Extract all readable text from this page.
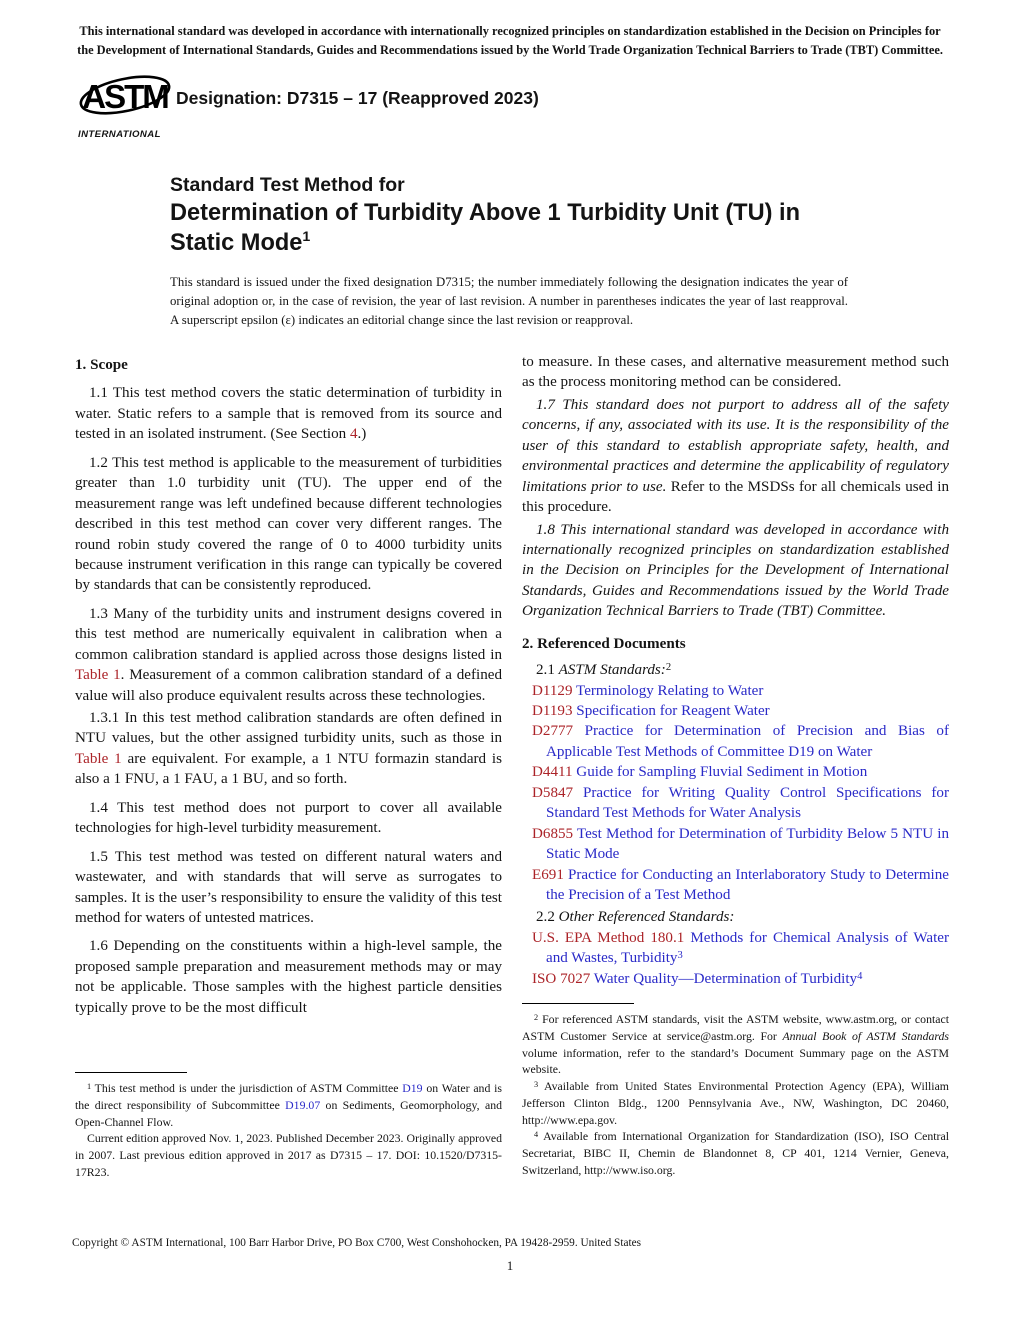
This international standard was developed in accordance with internationally recognized principles on standardization established in the Decision on Principles for the Development of International Standards, Guides and Recommendations issued by the World Trade Organization Technical Barriers to Trade (TBT) Committee.
ASTM
INTERNATIONAL
Designation: D7315 – 17 (Reapproved 2023)
Standard Test Method for
Determination of Turbidity Above 1 Turbidity Unit (TU) in Static Mode$^1$
This standard is issued under the fixed designation D7315; the number immediately following the designation indicates the year of original adoption or, in the case of revision, the year of last revision. A number in parentheses indicates the year of last reapproval. A superscript epsilon (ε) indicates an editorial change since the last revision or reapproval.
1. Scope

1.1 This test method covers the static determination of turbidity in water. Static refers to a sample that is removed from its source and tested in an isolated instrument. (See Section 4.)

1.2 This test method is applicable to the measurement of turbidities greater than 1.0 turbidity unit (TU). The upper end of the measurement range was left undefined because different technologies described in this test method can cover very different ranges. The round robin study covered the range of 0 to 4000 turbidity units because instrument verification in this range can typically be covered by standards that can be consistently reproduced.

1.3 Many of the turbidity units and instrument designs covered in this test method are numerically equivalent in calibration when a common calibration standard is applied across those designs listed in Table 1. Measurement of a common calibration standard of a defined value will also produce equivalent results across these technologies.

1.3.1 In this test method calibration standards are often defined in NTU values, but the other assigned turbidity units, such as those in Table 1 are equivalent. For example, a 1 NTU formazin standard is also a 1 FNU, a 1 FAU, a 1 BU, and so forth.

1.4 This test method does not purport to cover all available technologies for high-level turbidity measurement.

1.5 This test method was tested on different natural waters and wastewater, and with standards that will serve as surrogates to samples. It is the user’s responsibility to ensure the validity of this test method for waters of untested matrices.

1.6 Depending on the constituents within a high-level sample, the proposed sample preparation and measurement methods may or may not be applicable. Those samples with the highest particle densities typically prove to be the most difficult

to measure. In these cases, and alternative measurement method such as the process monitoring method can be considered.

1.7 This standard does not purport to address all of the safety concerns, if any, associated with its use. It is the responsibility of the user of this standard to establish appropriate safety, health, and environmental practices and determine the applicability of regulatory limitations prior to use. Refer to the MSDSs for all chemicals used in this procedure.

1.8 This international standard was developed in accordance with internationally recognized principles on standardization established in the Decision on Principles for the Development of International Standards, Guides and Recommendations issued by the World Trade Organization Technical Barriers to Trade (TBT) Committee.

2. Referenced Documents

2.1 ASTM Standards:$^2$

D1129 Terminology Relating to Water
D1193 Specification for Reagent Water
D2777 Practice for Determination of Precision and Bias of Applicable Test Methods of Committee D19 on Water
D4411 Guide for Sampling Fluvial Sediment in Motion
D5847 Practice for Writing Quality Control Specifications for Standard Test Methods for Water Analysis
D6855 Test Method for Determination of Turbidity Below 5 NTU in Static Mode
E691 Practice for Conducting an Interlaboratory Study to Determine the Precision of a Test Method

2.2 Other Referenced Standards:

U.S. EPA Method 180.1 Methods for Chemical Analysis of Water and Wastes, Turbidity$^3$
ISO 7027 Water Quality—Determination of Turbidity$^4$

$^1$ This test method is under the jurisdiction of ASTM Committee D19 on Water and is the direct responsibility of Subcommittee D19.07 on Sediments, Geomorphology, and Open-Channel Flow.

Current edition approved Nov. 1, 2023. Published December 2023. Originally approved in 2007. Last previous edition approved in 2017 as D7315 – 17. DOI: 10.1520/D7315-17R23.

$^2$ For referenced ASTM standards, visit the ASTM website, www.astm.org, or contact ASTM Customer Service at service@astm.org. For Annual Book of ASTM Standards volume information, refer to the standard’s Document Summary page on the ASTM website.

$^3$ Available from United States Environmental Protection Agency (EPA), William Jefferson Clinton Bldg., 1200 Pennsylvania Ave., NW, Washington, DC 20460, http://www.epa.gov.

$^4$ Available from International Organization for Standardization (ISO), ISO Central Secretariat, BIBC II, Chemin de Blandonnet 8, CP 401, 1214 Vernier, Geneva, Switzerland, http://www.iso.org.

Copyright © ASTM International, 100 Barr Harbor Drive, PO Box C700, West Conshohocken, PA 19428-2959. United States
1
